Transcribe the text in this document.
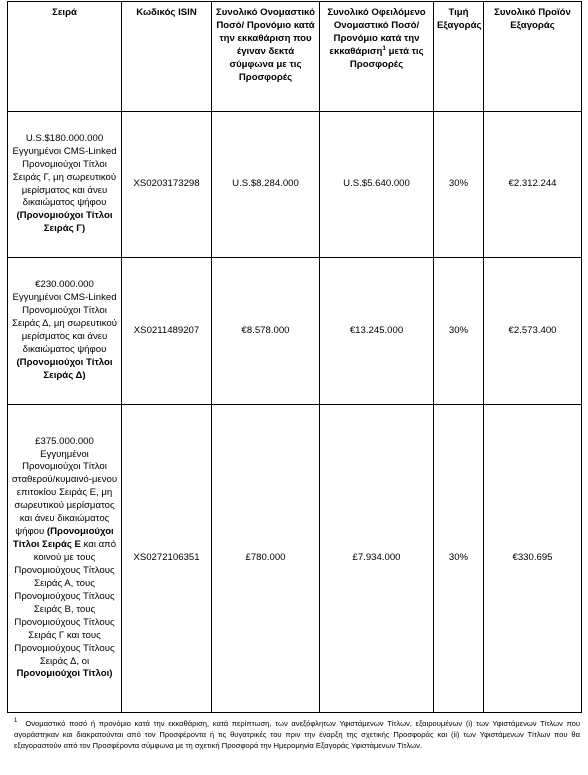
Σειρά	Κωδικός ISIN	Συνολικό Ονομαστικό Ποσό/ Προνόμιο κατά την εκκαθάριση που έγιναν δεκτά σύμφωνα με τις Προσφορές	Συνολικό Οφειλόμενο Ονομαστικό Ποσό/ Προνόμιο κατά την εκκαθάριση$^1$ μετά τις Προσφορές	Τιμή Εξαγοράς	Συνολικό Προϊόν Εξαγοράς
U.S.$180.000.000 Εγγυημένοι CMS-Linked Προνομιούχοι Τίτλοι Σειράς Γ, μη σωρευτικού μερίσματος και άνευ δικαιώματος ψήφου (Προνομιούχοι Τίτλοι Σειράς Γ)	XS0203173298	U.S.$8.284.000	U.S.$5.640.000	30%	€2.312.244
€230.000.000 Εγγυημένοι CMS-Linked Προνομιούχοι Τίτλοι Σειράς Δ, μη σωρευτικού μερίσματος και άνευ δικαιώματος ψήφου (Προνομιούχοι Τίτλοι Σειράς Δ)	XS0211489207	€8.578.000	€13.245.000	30%	€2.573.400
£375.000.000 Εγγυημένοι Προνομιούχοι Τίτλοι σταθερού/κυμαινό-μενου επιτοκίου Σειράς Ε, μη σωρευτικού μερίσματος και άνευ δικαιώματος ψήφου (Προνομιούχοι Τίτλοι Σειράς Ε και από κοινού με τους Προνομιούχους Τίτλους Σειράς Α, τους Προνομιούχους Τίτλους Σειράς Β, τους Προνομιούχους Τίτλους Σειράς Γ και τους Προνομιούχους Τίτλους Σειράς Δ, οι Προνομιούχοι Τίτλοι)	XS0272106351	£780.000	£7.934.000	30%	€330.695
$^1$ Ονομαστικό ποσό ή προνόμιο κατά την εκκαθάριση, κατά περίπτωση, των ανεξόφλητων Υφιστάμενων Τίτλων, εξαιρουμένων (i) των Υφιστάμενων Τίτλων που αγοράστηκαν και διακρατούνται από τον Προσφέροντα ή τις θυγατρικές του πριν την έναρξη της σχετικής Προσφοράς και (ii) των Υφιστάμενων Τίτλων που θα εξαγοραστούν από τον Προσφέροντα σύμφωνα με τη σχετική Προσφορά την Ημερομηνία Εξαγοράς Υφιστάμενων Τίτλων.
